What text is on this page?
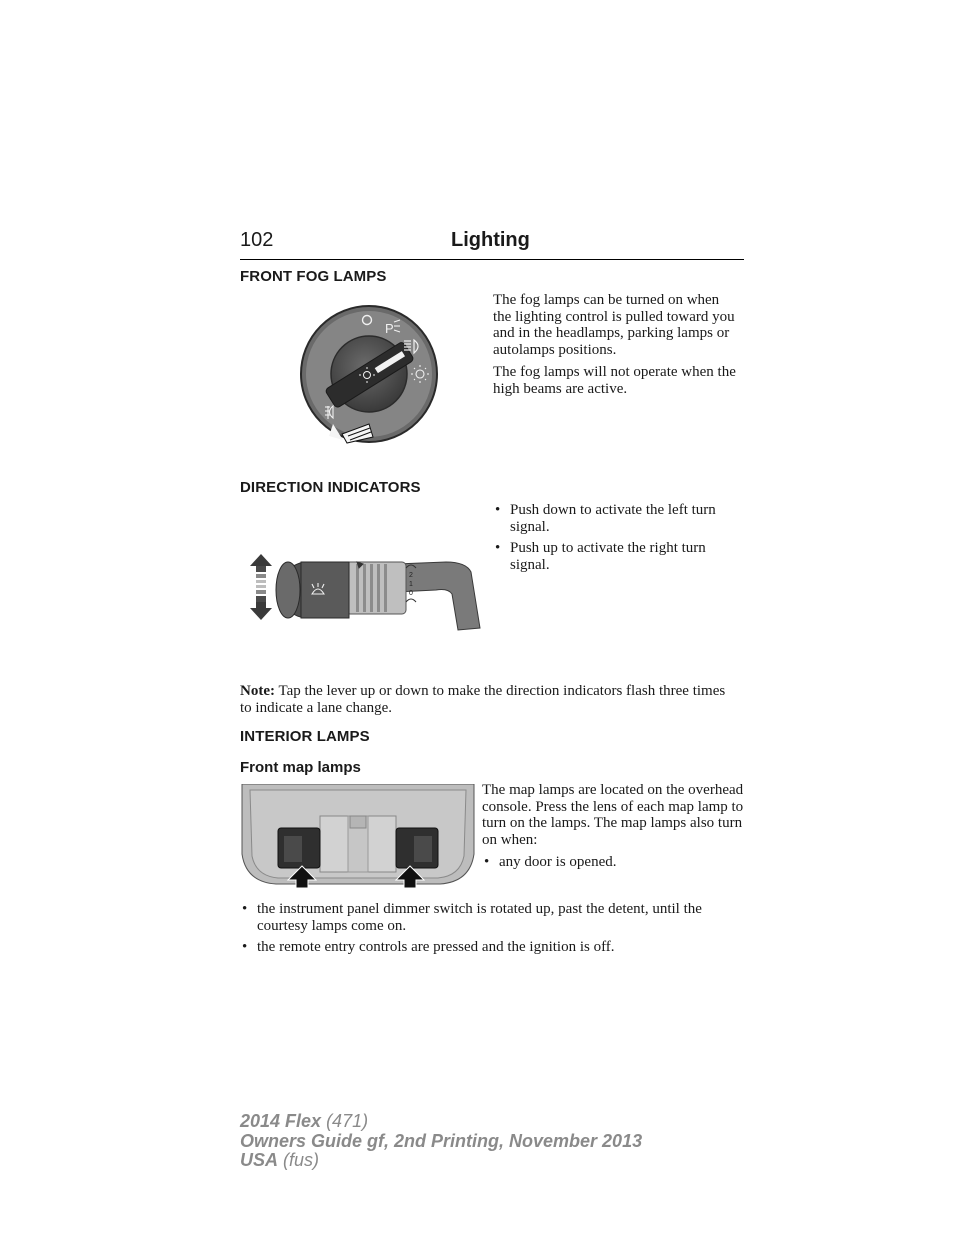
102	Lighting
FRONT FOG LAMPS
P

The fog lamps can be turned on when the lighting control is pulled toward you and in the headlamps, parking lamps or autolamps positions.

The fog lamps will not operate when the high beams are active.

DIRECTION INDICATORS
2
1
0
• Push down to activate the left turn signal.
• Push up to activate the right turn signal.
Note: Tap the lever up or down to make the direction indicators flash three times to indicate a lane change.
INTERIOR LAMPS
Front map lamps

The map lamps are located on the overhead console. Press the lens of each map lamp to turn on the lamps. The map lamps also turn on when:

• any door is opened.
• the instrument panel dimmer switch is rotated up, past the detent, until the courtesy lamps come on.
• the remote entry controls are pressed and the ignition is off.
2014 Flex (471)
Owners Guide gf, 2nd Printing, November 2013
USA (fus)
